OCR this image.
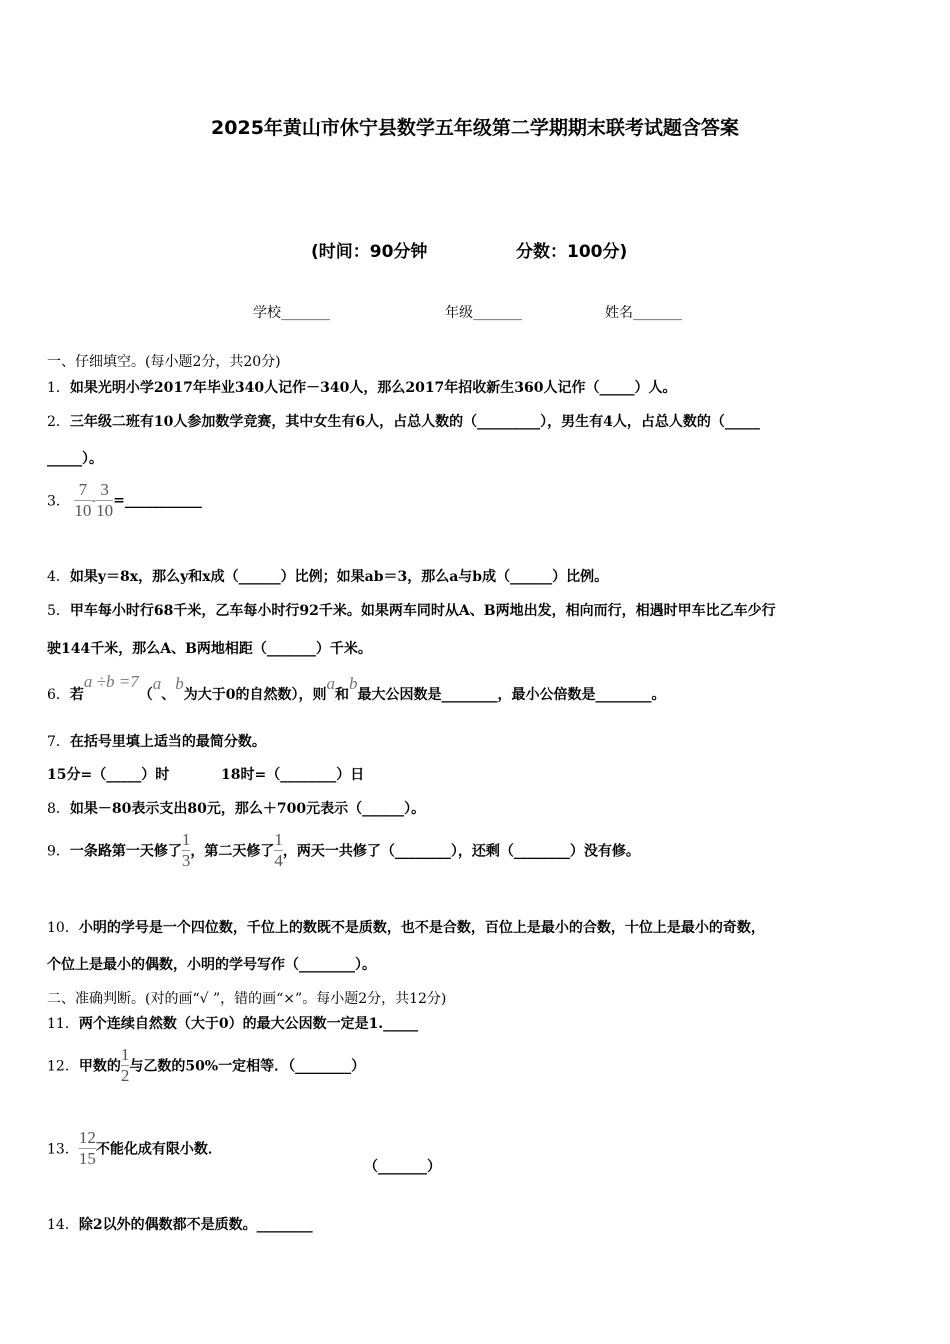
2025年黄山市休宁县数学五年级第二学期期末联考试题含答案
(时间：90分钟	分数：100分)
学校_______	年级_______	姓名_______
一、仔细填空。(每小题2分，共20分)
1．如果光明小学2017年毕业340人记作－340人，那么2017年招收新生360人记作（_____）人。
2．三年级二班有10人参加数学竞赛，其中女生有6人，占总人数的（_________），男生有4人，占总人数的（_____
_____）。
3． $\frac{7}{10} - \frac{3}{10}$ =___________
4．如果y＝8x，那么y和x成（______）比例；如果ab＝3，那么a与b成（______）比例。
5．甲车每小时行68千米，乙车每小时行92千米。如果两车同时从A、B两地出发，相向而行，相遇时甲车比乙车少行
驶144千米，那么A、B两地相距（_______）千米。
6．若a ÷b =7（a、b为大于0的自然数），则a和b最大公因数是________，最小公倍数是________。
7．在括号里填上适当的最简分数。
15分=（_____）时	18时=（________）日
8．如果－80表示支出80元，那么＋700元表示（______）。
9．一条路第一天修了 $\frac{1}{3}$ ，第二天修了 $\frac{1}{4}$ ，两天一共修了（________），还剩（________）没有修。
10．小明的学号是一个四位数，千位上的数既不是质数，也不是合数，百位上是最小的合数，十位上是最小的奇数，
个位上是最小的偶数，小明的学号写作（________）。
二、准确判断。(对的画“√ ”，错的画“×”。每小题2分，共12分)
11．两个连续自然数（大于0）的最大公因数一定是1._____
12．甲数的 $\frac{1}{2}$ 与乙数的50%一定相等．（________）
13． $\frac{12}{15}$ 不能化成有限小数．
（_______）
14．除2以外的偶数都不是质数。________
